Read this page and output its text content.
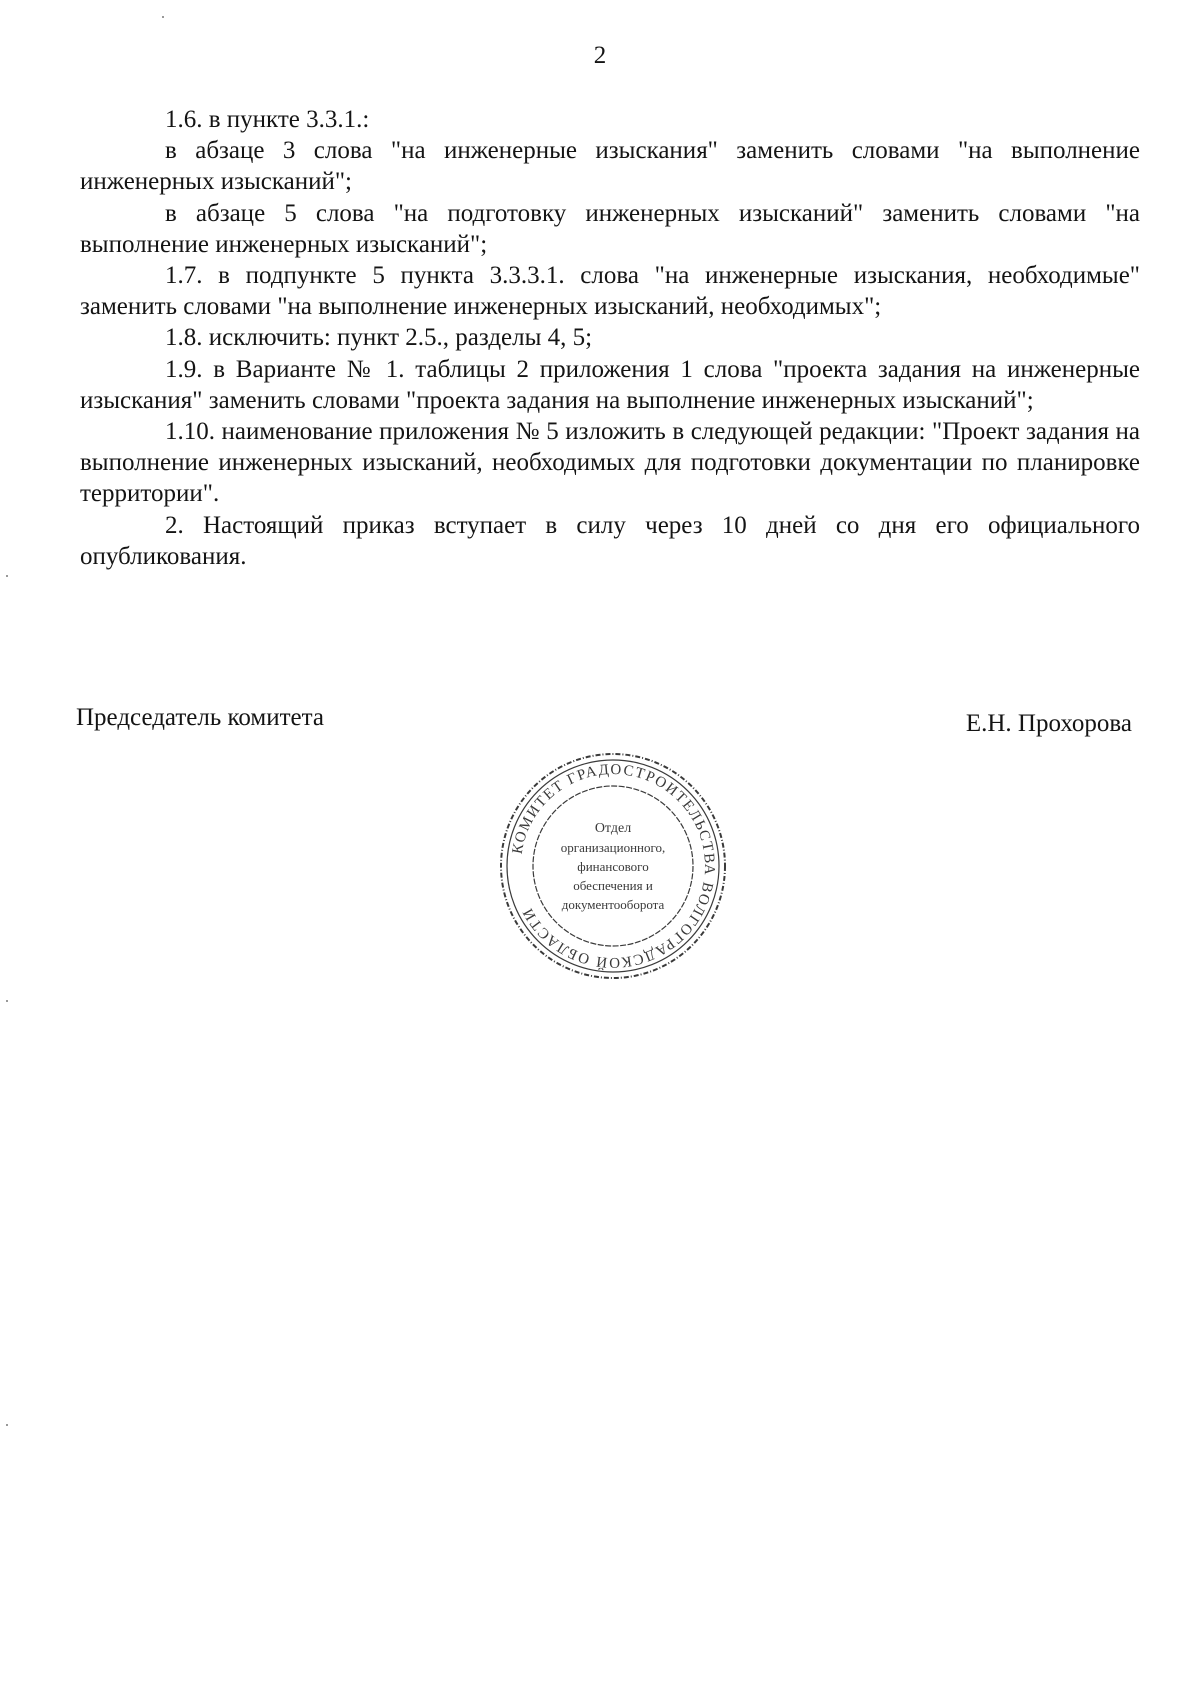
2

1.6. в пункте 3.3.1.:

в абзаце 3 слова "на инженерные изыскания" заменить словами "на выполнение инженерных изысканий";

в абзаце 5 слова "на подготовку инженерных изысканий" заменить словами "на выполнение инженерных изысканий";

1.7. в подпункте 5 пункта 3.3.3.1. слова "на инженерные изыскания, необходимые" заменить словами "на выполнение инженерных изысканий, необходимых";

1.8. исключить: пункт 2.5., разделы 4, 5;

1.9. в Варианте № 1. таблицы 2 приложения 1 слова "проекта задания на инженерные изыскания" заменить словами "проекта задания на выполнение инженерных изысканий";

1.10. наименование приложения № 5 изложить в следующей редакции: "Проект задания на выполнение инженерных изысканий, необходимых для подготовки документации по планировке территории".

2. Настоящий приказ вступает в силу через 10 дней со дня его официального опубликования.

Председатель комитета	Е.Н. Прохорова
КОМИТЕТ ГРАДОСТРОИТЕЛЬСТВА ВОЛГОГРАДСКОЙ ОБЛАСТИ
Отдел
организационного,
финансового
обеспечения и
документооборота
